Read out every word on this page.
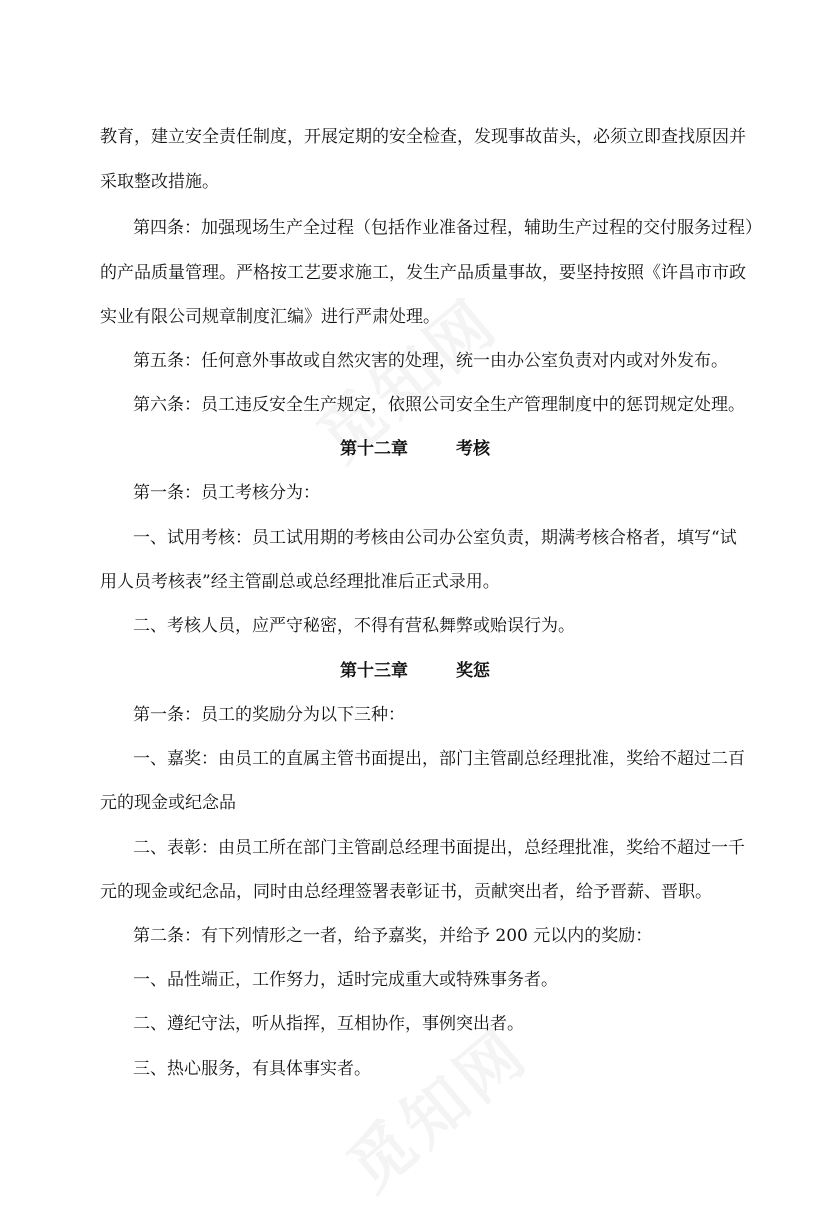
教育，建立安全责任制度，开展定期的安全检查，发现事故苗头，必须立即查找原因并
采取整改措施。
第四条：加强现场生产全过程（包括作业准备过程，辅助生产过程的交付服务过程）
的产品质量管理。严格按工艺要求施工，发生产品质量事故，要坚持按照《许昌市市政
实业有限公司规章制度汇编》进行严肃处理。
第五条：任何意外事故或自然灾害的处理，统一由办公室负责对内或对外发布。
第六条：员工违反安全生产规定，依照公司安全生产管理制度中的惩罚规定处理。
第十二章	考核
第一条：员工考核分为：
一、试用考核：员工试用期的考核由公司办公室负责，期满考核合格者，填写“试
用人员考核表”经主管副总或总经理批准后正式录用。
二、考核人员，应严守秘密，不得有营私舞弊或贻误行为。
第十三章	奖惩
第一条：员工的奖励分为以下三种：
一、嘉奖：由员工的直属主管书面提出，部门主管副总经理批准，奖给不超过二百
元的现金或纪念品
二、表彰：由员工所在部门主管副总经理书面提出，总经理批准，奖给不超过一千
元的现金或纪念品，同时由总经理签署表彰证书，贡献突出者，给予晋薪、晋职。
第二条：有下列情形之一者，给予嘉奖，并给予 200 元以内的奖励：
一、品性端正，工作努力，适时完成重大或特殊事务者。
二、遵纪守法，听从指挥，互相协作，事例突出者。
三、热心服务，有具体事实者。
